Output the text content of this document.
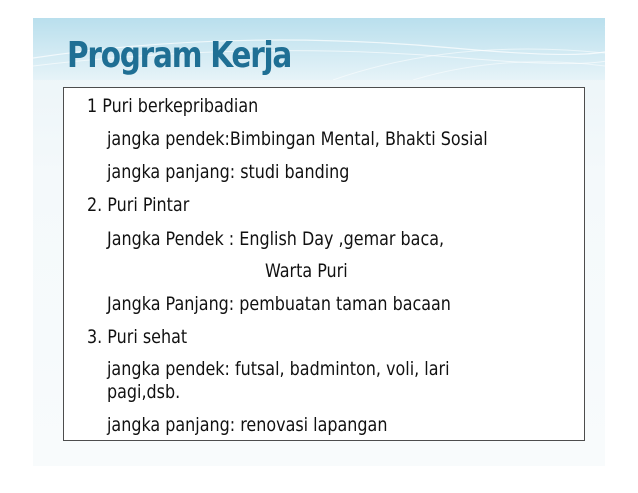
Program Kerja
1 Puri berkepribadian
jangka pendek:Bimbingan Mental, Bhakti Sosial
jangka panjang: studi banding
2. Puri Pintar
Jangka Pendek : English Day ,gemar baca,
Warta Puri
Jangka Panjang: pembuatan taman bacaan
3. Puri sehat
jangka pendek: futsal, badminton, voli, lari
pagi,dsb.
jangka panjang: renovasi lapangan
